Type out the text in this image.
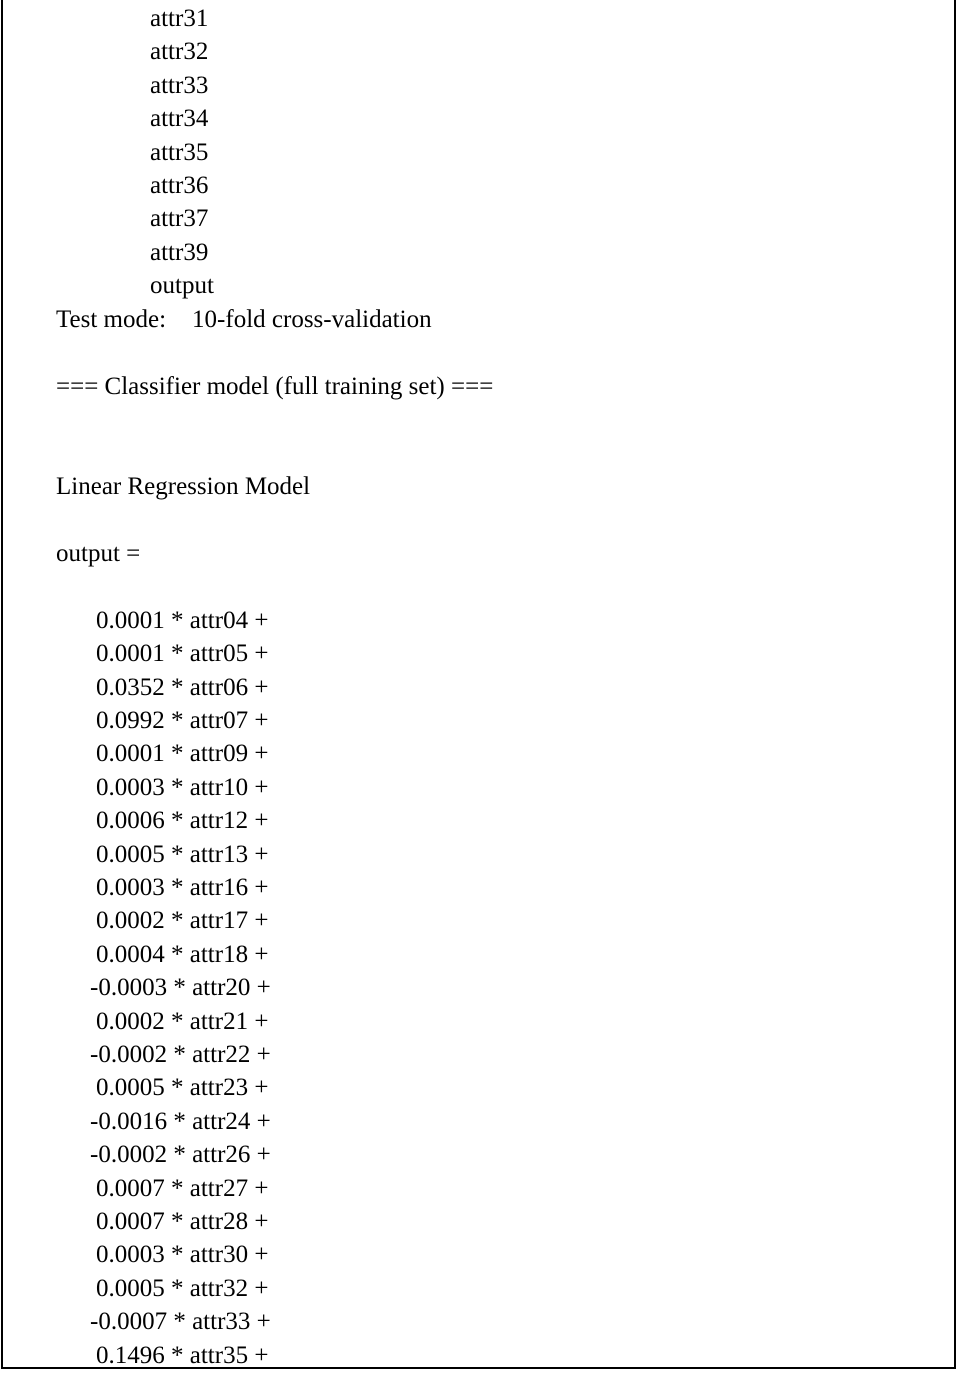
attr31
attr32
attr33
attr34
attr35
attr36
attr37
attr39
output
Test mode: 10-fold cross-validation
=== Classifier model (full training set) ===
Linear Regression Model
output =
0.0001 * attr04 +
0.0001 * attr05 +
0.0352 * attr06 +
0.0992 * attr07 +
0.0001 * attr09 +
0.0003 * attr10 +
0.0006 * attr12 +
0.0005 * attr13 +
0.0003 * attr16 +
0.0002 * attr17 +
0.0004 * attr18 +
-0.0003 * attr20 +
0.0002 * attr21 +
-0.0002 * attr22 +
0.0005 * attr23 +
-0.0016 * attr24 +
-0.0002 * attr26 +
0.0007 * attr27 +
0.0007 * attr28 +
0.0003 * attr30 +
0.0005 * attr32 +
-0.0007 * attr33 +
0.1496 * attr35 +
